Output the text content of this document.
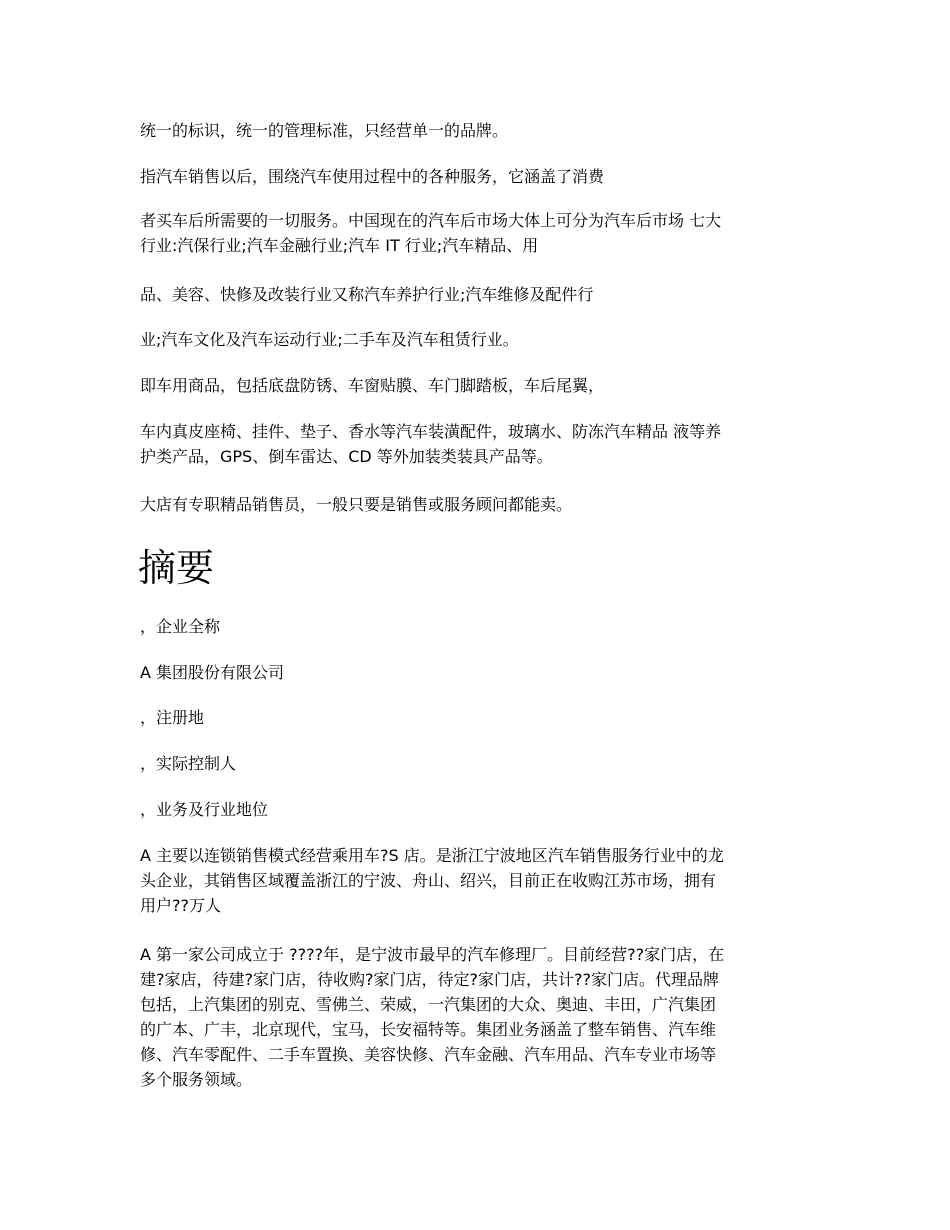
统一的标识，统一的管理标准，只经营单一的品牌。

指汽车销售以后，围绕汽车使用过程中的各种服务，它涵盖了消费

者买车后所需要的一切服务。中国现在的汽车后市场大体上可分为汽车后市场 七大
行业:汽保行业;汽车金融行业;汽车 IT 行业;汽车精品、用

品、美容、快修及改装行业又称汽车养护行业;汽车维修及配件行

业;汽车文化及汽车运动行业;二手车及汽车租赁行业。

即车用商品，包括底盘防锈、车窗贴膜、车门脚踏板，车后尾翼，

车内真皮座椅、挂件、垫子、香水等汽车装潢配件，玻璃水、防冻汽车精品 液等养
护类产品，GPS、倒车雷达、CD 等外加装类装具产品等。

大店有专职精品销售员，一般只要是销售或服务顾问都能卖。

摘要

，企业全称

A 集团股份有限公司

，注册地

，实际控制人

，业务及行业地位

A 主要以连锁销售模式经营乘用车?S 店。是浙江宁波地区汽车销售服务行业中的龙
头企业，其销售区域覆盖浙江的宁波、舟山、绍兴，目前正在收购江苏市场，拥有
用户??万人

A 第一家公司成立于 ????年，是宁波市最早的汽车修理厂。目前经营??家门店，在
建?家店，待建?家门店，待收购?家门店，待定?家门店，共计??家门店。代理品牌
包括，上汽集团的别克、雪佛兰、荣威，一汽集团的大众、奥迪、丰田，广汽集团
的广本、广丰，北京现代，宝马，长安福特等。集团业务涵盖了整车销售、汽车维
修、汽车零配件、二手车置换、美容快修、汽车金融、汽车用品、汽车专业市场等
多个服务领域。
